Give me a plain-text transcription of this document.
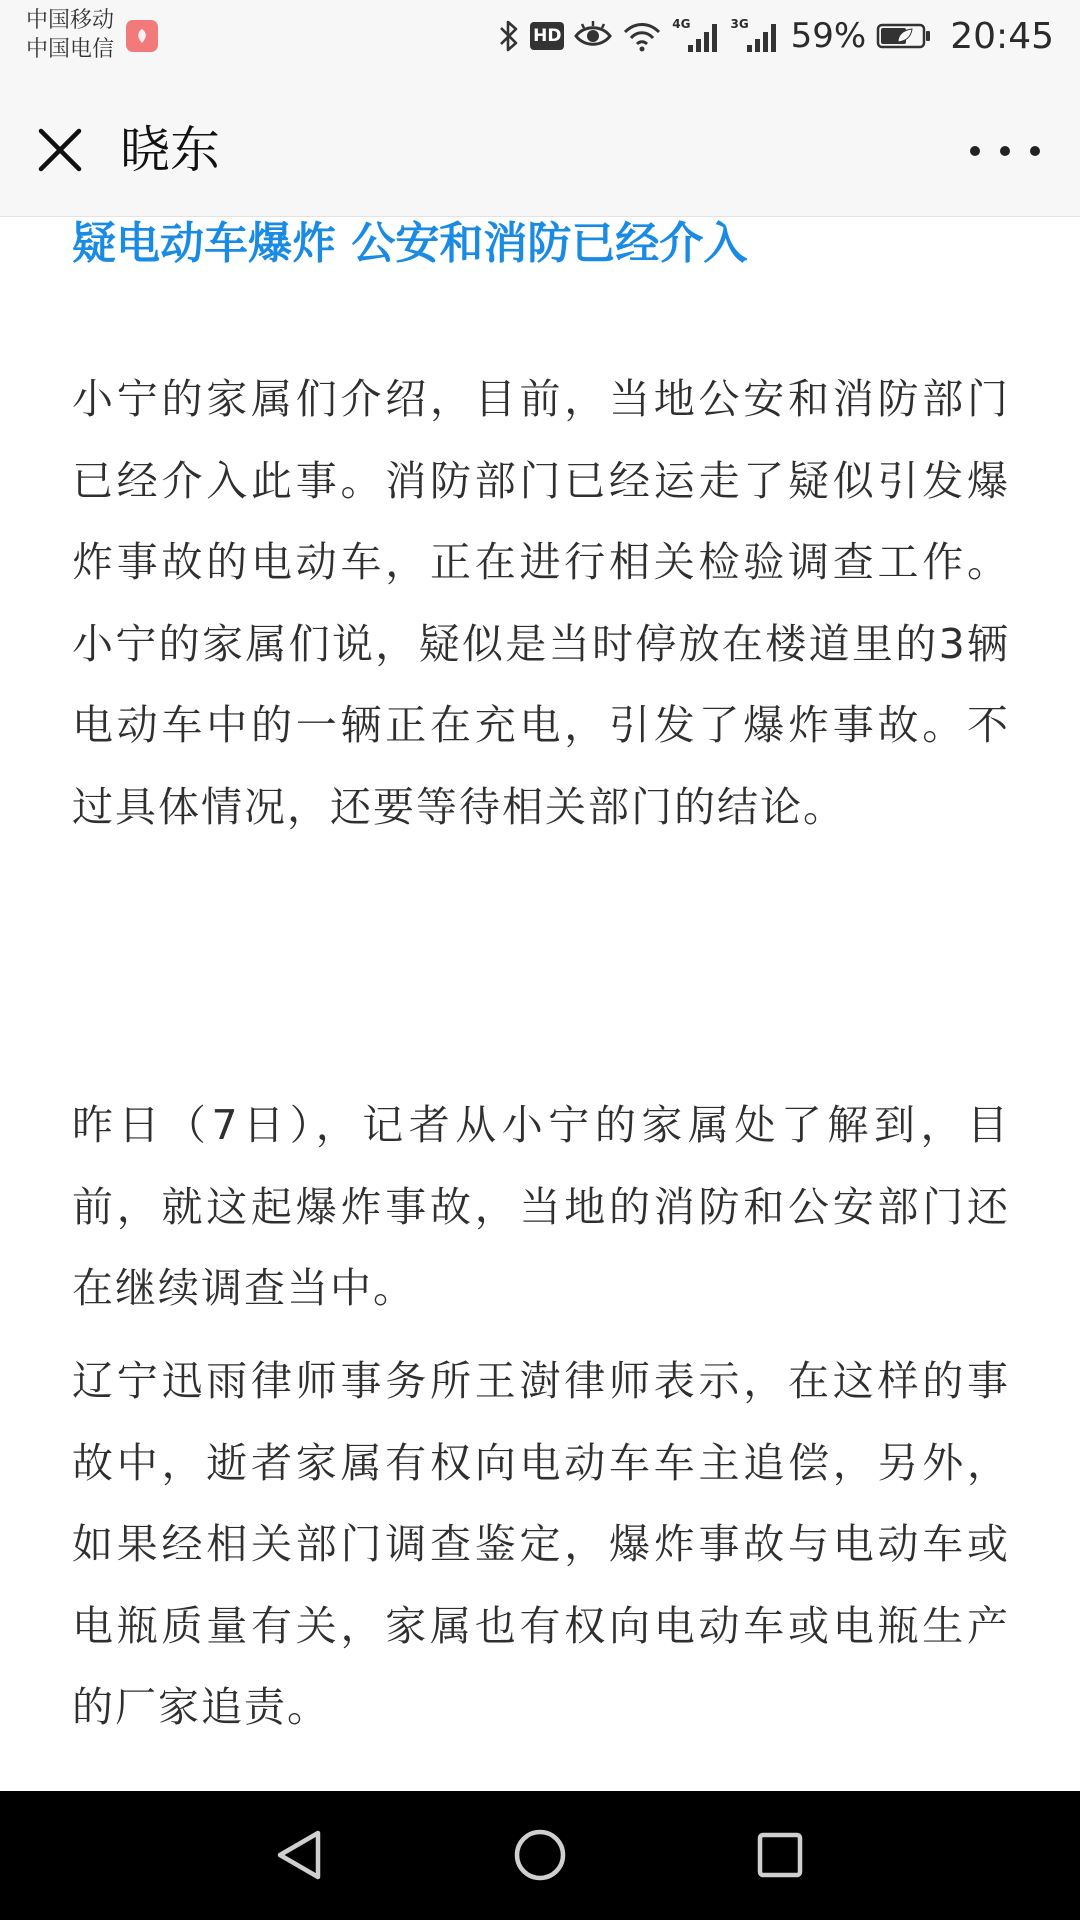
中国移动
中国电信
HD
4G	3G 59% 20:45
晓东
疑电动车爆炸 公安和消防已经介入

小宁的家属们介绍，目前，当地公安和消防部门已经介入此事。消防部门已经运走了疑似引发爆炸事故的电动车，正在进行相关检验调查工作。小宁的家属们说，疑似是当时停放在楼道里的3辆电动车中的一辆正在充电，引发了爆炸事故。不过具体情况，还要等待相关部门的结论。

昨日（7日），记者从小宁的家属处了解到，目前，就这起爆炸事故，当地的消防和公安部门还在继续调查当中。

辽宁迅雨律师事务所王澍律师表示，在这样的事故中，逝者家属有权向电动车车主追偿，另外，如果经相关部门调查鉴定，爆炸事故与电动车或电瓶质量有关，家属也有权向电动车或电瓶生产的厂家追责。
